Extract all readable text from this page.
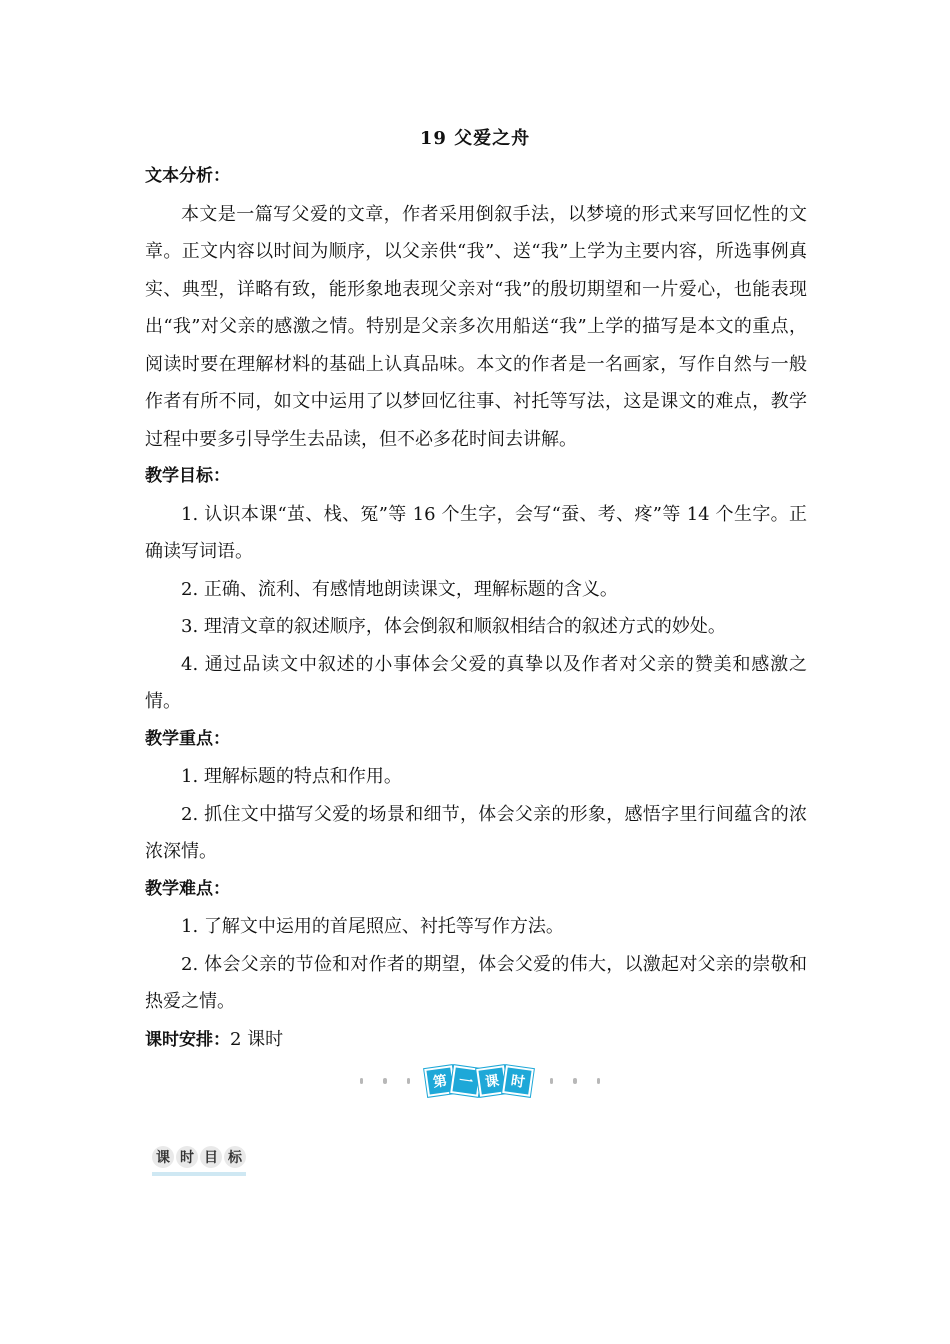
19 父爱之舟
文本分析：

本文是一篇写父爱的文章，作者采用倒叙手法，以梦境的形式来写回忆性的文章。正文内容以时间为顺序，以父亲供“我”、送“我”上学为主要内容，所选事例真实、典型，详略有致，能形象地表现父亲对“我”的殷切期望和一片爱心，也能表现出“我”对父亲的感激之情。特别是父亲多次用船送“我”上学的描写是本文的重点，阅读时要在理解材料的基础上认真品味。本文的作者是一名画家，写作自然与一般作者有所不同，如文中运用了以梦回忆往事、衬托等写法，这是课文的难点，教学过程中要多引导学生去品读，但不必多花时间去讲解。

教学目标：

1. 认识本课“茧、栈、冤”等 16 个生字，会写“蚕、考、疼”等 14 个生字。正确读写词语。

2. 正确、流利、有感情地朗读课文，理解标题的含义。

3. 理清文章的叙述顺序，体会倒叙和顺叙相结合的叙述方式的妙处。

4. 通过品读文中叙述的小事体会父爱的真挚以及作者对父亲的赞美和感激之情。

教学重点：

1. 理解标题的特点和作用。

2. 抓住文中描写父爱的场景和细节，体会父亲的形象，感悟字里行间蕴含的浓浓深情。

教学难点：

1. 了解文中运用的首尾照应、衬托等写作方法。

2. 体会父亲的节俭和对作者的期望，体会父爱的伟大，以激起对父亲的崇敬和热爱之情。

课时安排：2 课时
第 一 课 时
课 时 目 标
